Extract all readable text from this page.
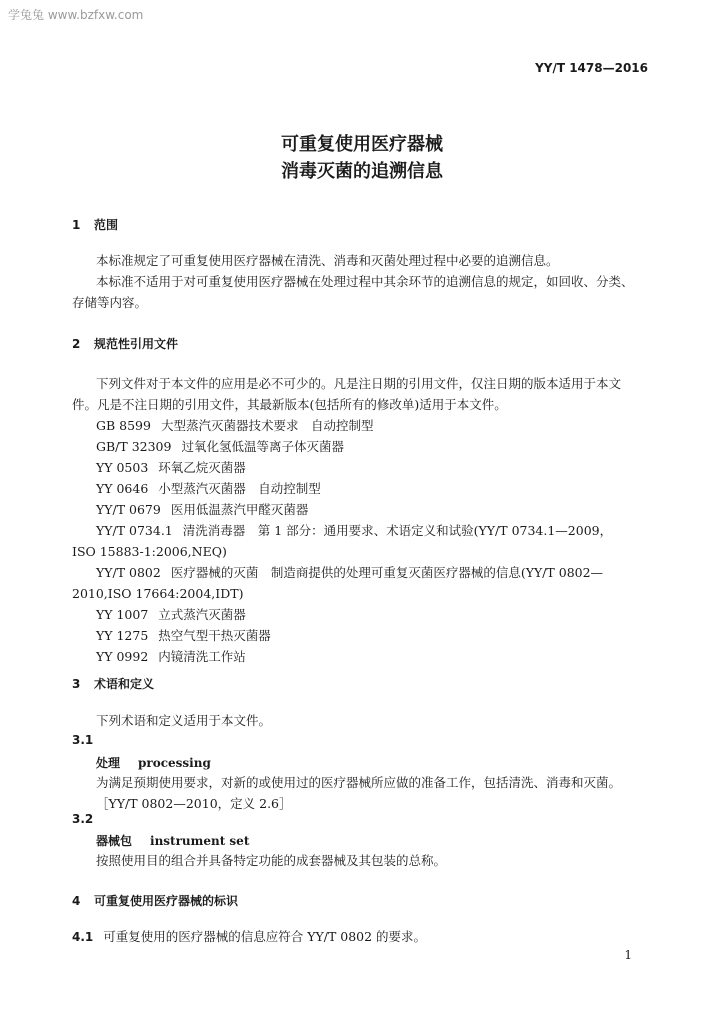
学兔兔 www.bzfxw.com
YY/T 1478—2016
可重复使用医疗器械
消毒灭菌的追溯信息
1 范围
本标准规定了可重复使用医疗器械在清洗、消毒和灭菌处理过程中必要的追溯信息。
本标准不适用于对可重复使用医疗器械在处理过程中其余环节的追溯信息的规定，如回收、分类、
存储等内容。
2 规范性引用文件
下列文件对于本文件的应用是必不可少的。凡是注日期的引用文件，仅注日期的版本适用于本文
件。凡是不注日期的引用文件，其最新版本(包括所有的修改单)适用于本文件。
GB 8599 大型蒸汽灭菌器技术要求　自动控制型
GB/T 32309 过氧化氢低温等离子体灭菌器
YY 0503 环氧乙烷灭菌器
YY 0646 小型蒸汽灭菌器　自动控制型
YY/T 0679 医用低温蒸汽甲醛灭菌器
YY/T 0734.1 清洗消毒器　第 1 部分：通用要求、术语定义和试验(YY/T 0734.1—2009，
ISO 15883-1:2006,NEQ)
YY/T 0802 医疗器械的灭菌　制造商提供的处理可重复灭菌医疗器械的信息(YY/T 0802—
2010,ISO 17664:2004,IDT)
YY 1007 立式蒸汽灭菌器
YY 1275 热空气型干热灭菌器
YY 0992 内镜清洗工作站
3 术语和定义
下列术语和定义适用于本文件。
3.1
处理 processing
为满足预期使用要求，对新的或使用过的医疗器械所应做的准备工作，包括清洗、消毒和灭菌。
［YY/T 0802—2010，定义 2.6］
3.2
器械包 instrument set
按照使用目的组合并具备特定功能的成套器械及其包装的总称。
4 可重复使用医疗器械的标识
4.1 可重复使用的医疗器械的信息应符合 YY/T 0802 的要求。
1
